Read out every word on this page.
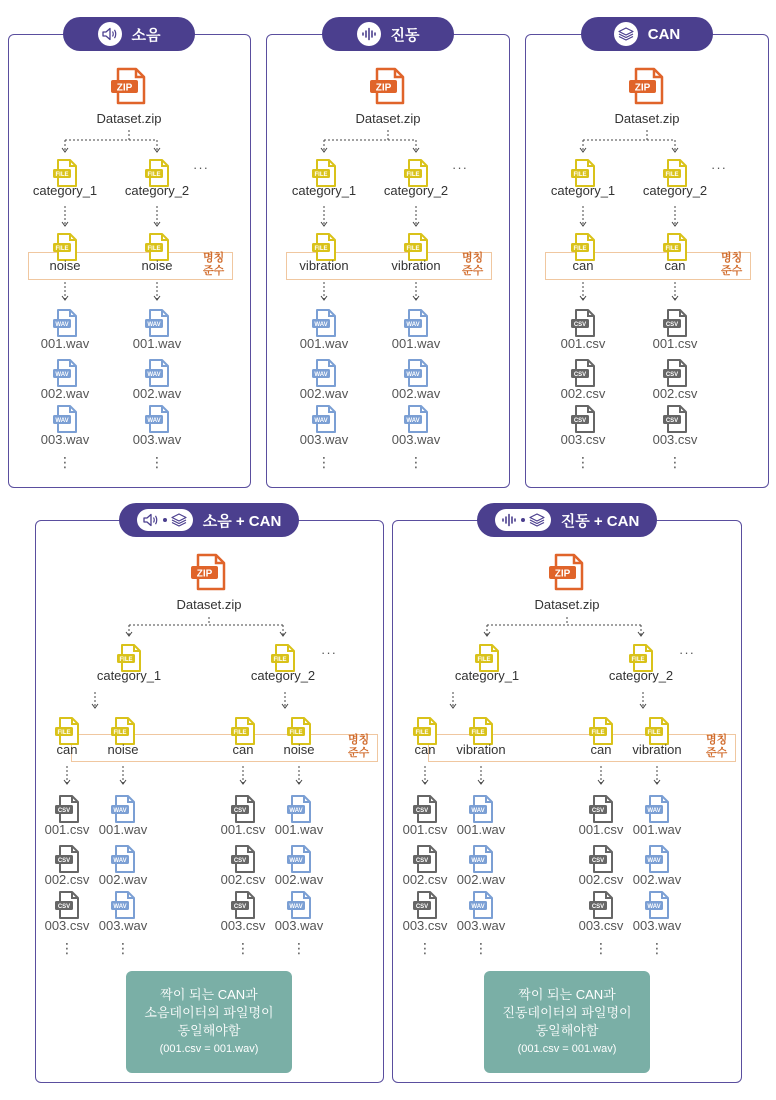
소음
ZIP
Dataset.zip
FILE	FILE
category_1 category_2
···
FILE	FILE
noise	noise	명칭
준수
WAV
001.wav
WAV
001.wav
WAV
002.wav
WAV
002.wav
WAV
003.wav
WAV
003.wav
⋮	⋮
진동
ZIP
Dataset.zip
FILE	FILE
category_1 category_2
···
FILE	FILE
vibration	vibration 명칭
준수
WAV
001.wav
WAV
001.wav
WAV
002.wav
WAV
002.wav
WAV
003.wav
WAV
003.wav
⋮	⋮
CAN
ZIP
Dataset.zip
FILE	FILE
category_1 category_2
···
FILE	FILE
can	can	명칭
준수
CSV
001.csv
CSV
001.csv
CSV
002.csv
CSV
002.csv
CSV
003.csv
CSV
003.csv
⋮	⋮
소음 + CAN
ZIP
Dataset.zip
FILE	FILE
category_1	category_2
···
FILE
can
FILE
noise
FILE
can
FILE
noise
명칭
준수
CSV
001.csv
WAV
001.wav
CSV
001.csv
WAV
001.wav
CSV
002.csv
WAV
002.wav
CSV
002.csv
WAV
002.wav
CSV
003.csv
WAV
003.wav
CSV
003.csv
WAV
003.wav
⋮	⋮	⋮	⋮
짝이 되는 CAN과
소음데이터의 파일명이
동일해야함
(001.csv = 001.wav)
진동 + CAN
ZIP
Dataset.zip
FILE	FILE
category_1	category_2
···
FILE
can
FILE
vibration
FILE
can
FILE
vibration
명칭
준수
CSV
001.csv
WAV
001.wav
CSV
001.csv
WAV
001.wav
CSV
002.csv
WAV
002.wav
CSV
002.csv
WAV
002.wav
CSV
003.csv
WAV
003.wav
CSV
003.csv
WAV
003.wav
⋮	⋮	⋮	⋮
짝이 되는 CAN과
진동데이터의 파일명이
동일해야함
(001.csv = 001.wav)
